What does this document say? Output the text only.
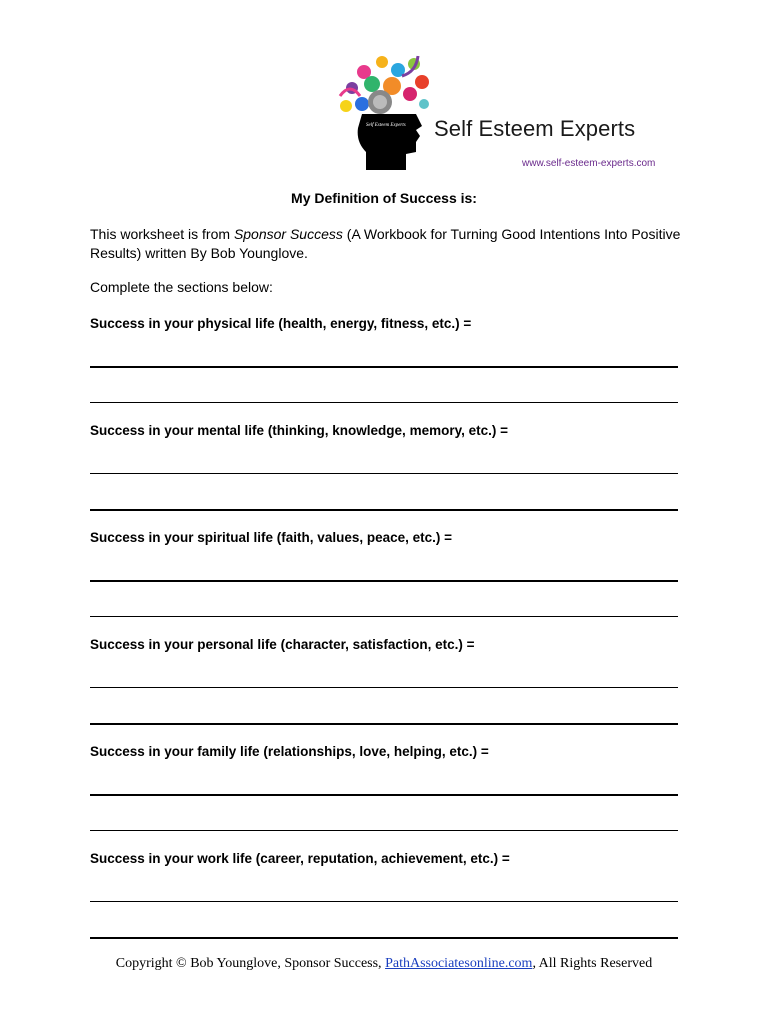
Self Esteem Experts Self Esteem Experts
www.self-esteem-experts.com
My Definition of Success is:
This worksheet is from Sponsor Success (A Workbook for Turning Good Intentions Into Positive Results) written By Bob Younglove.
Complete the sections below:
Success in your physical life (health, energy, fitness, etc.) =
Success in your mental life (thinking, knowledge, memory, etc.) =
Success in your spiritual life (faith, values, peace, etc.) =
Success in your personal life (character, satisfaction, etc.) =
Success in your family life (relationships, love, helping, etc.) =
Success in your work life (career, reputation, achievement, etc.) =
Copyright © Bob Younglove, Sponsor Success, PathAssociatesonline.com, All Rights Reserved
